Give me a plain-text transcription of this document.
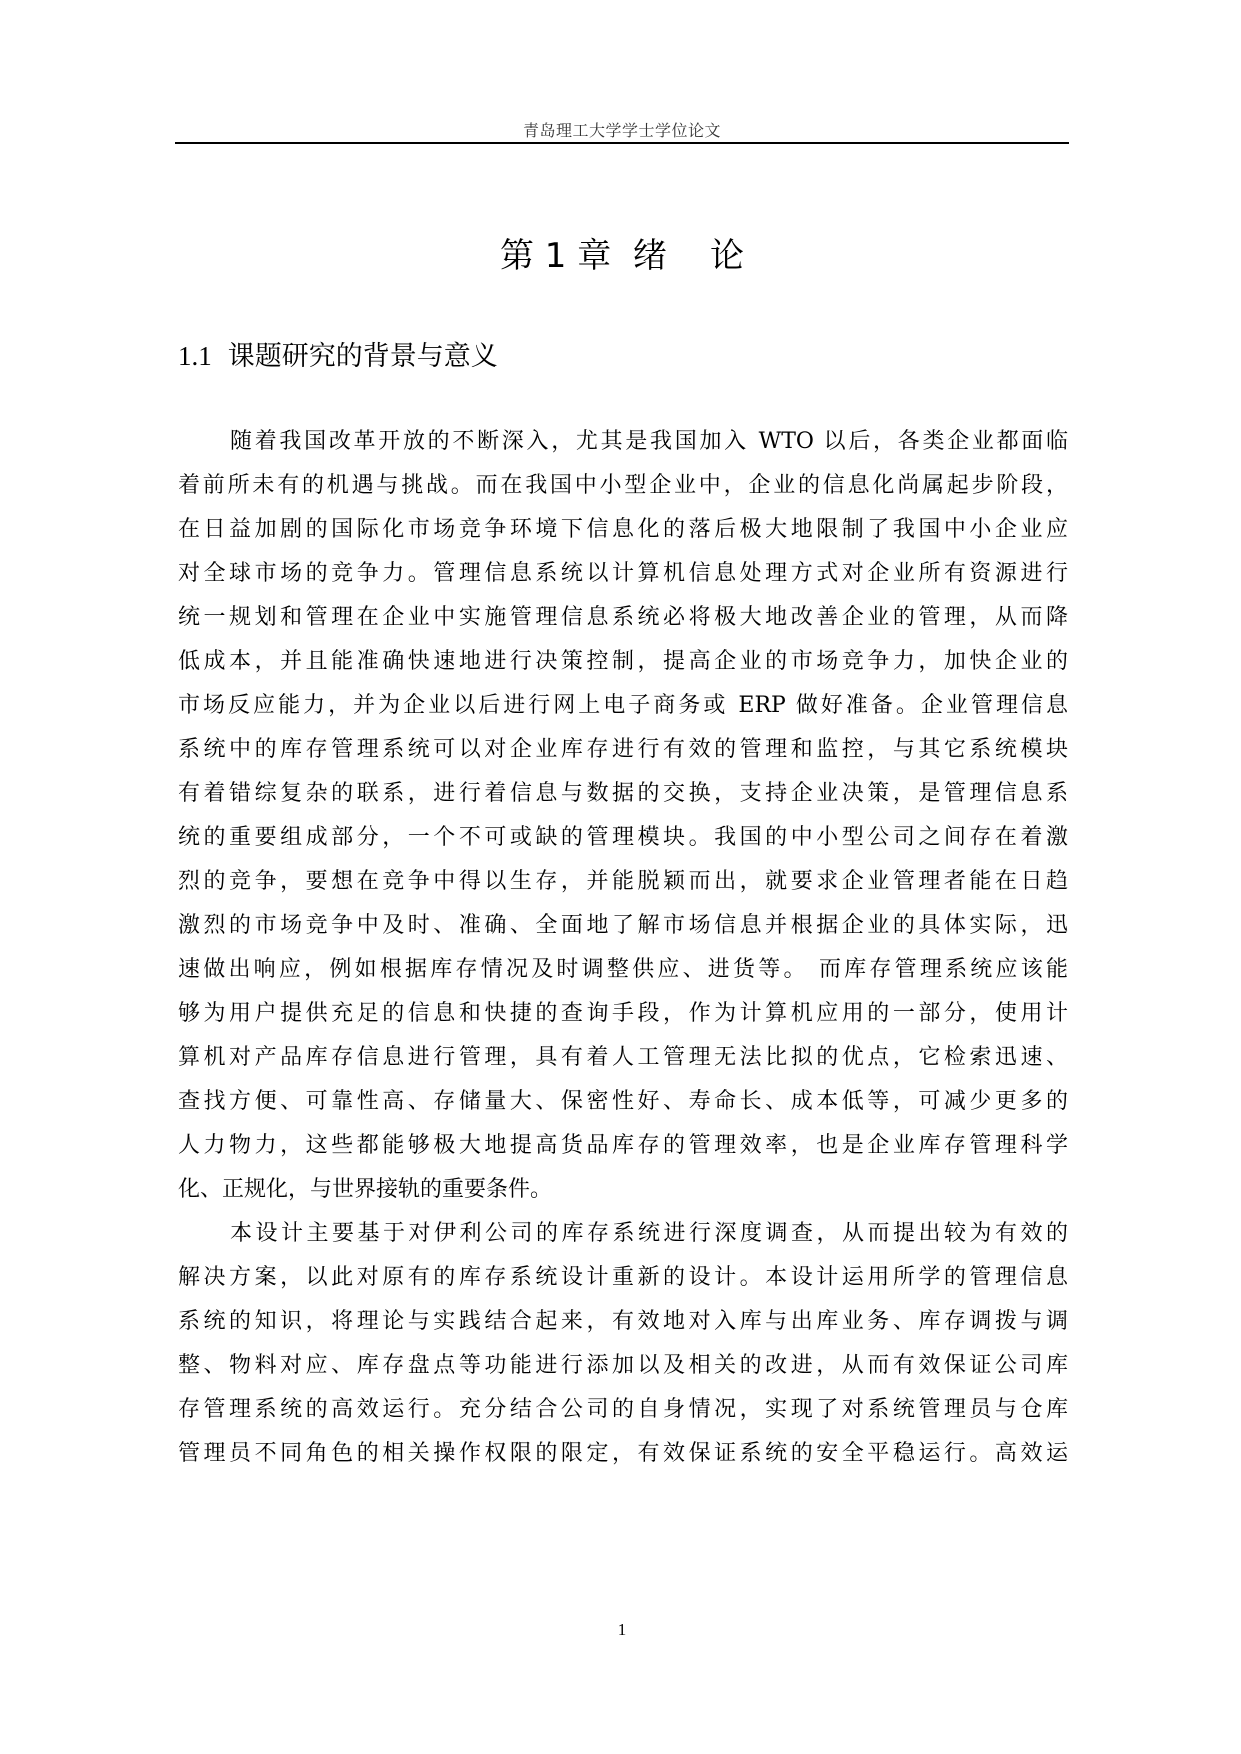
青岛理工大学学士学位论文
第 1 章  绪    论
1.1 课题研究的背景与意义
随着我国改革开放的不断深入，尤其是我国加入 WTO 以后，各类企业都面临
着前所未有的机遇与挑战。而在我国中小型企业中，企业的信息化尚属起步阶段，
在日益加剧的国际化市场竞争环境下信息化的落后极大地限制了我国中小企业应
对全球市场的竞争力。管理信息系统以计算机信息处理方式对企业所有资源进行
统一规划和管理在企业中实施管理信息系统必将极大地改善企业的管理，从而降
低成本，并且能准确快速地进行决策控制，提高企业的市场竞争力，加快企业的
市场反应能力，并为企业以后进行网上电子商务或 ERP 做好准备。企业管理信息
系统中的库存管理系统可以对企业库存进行有效的管理和监控，与其它系统模块
有着错综复杂的联系，进行着信息与数据的交换，支持企业决策，是管理信息系
统的重要组成部分，一个不可或缺的管理模块。我国的中小型公司之间存在着激
烈的竞争，要想在竞争中得以生存，并能脱颖而出，就要求企业管理者能在日趋
激烈的市场竞争中及时、准确、全面地了解市场信息并根据企业的具体实际，迅
速做出响应，例如根据库存情况及时调整供应、进货等。 而库存管理系统应该能
够为用户提供充足的信息和快捷的查询手段，作为计算机应用的一部分，使用计
算机对产品库存信息进行管理，具有着人工管理无法比拟的优点，它检索迅速、
查找方便、可靠性高、存储量大、保密性好、寿命长、成本低等，可减少更多的
人力物力，这些都能够极大地提高货品库存的管理效率，也是企业库存管理科学
化、正规化，与世界接轨的重要条件。
本设计主要基于对伊利公司的库存系统进行深度调查，从而提出较为有效的
解决方案，以此对原有的库存系统设计重新的设计。本设计运用所学的管理信息
系统的知识，将理论与实践结合起来，有效地对入库与出库业务、库存调拨与调
整、物料对应、库存盘点等功能进行添加以及相关的改进，从而有效保证公司库
存管理系统的高效运行。充分结合公司的自身情况，实现了对系统管理员与仓库
管理员不同角色的相关操作权限的限定，有效保证系统的安全平稳运行。高效运
1
